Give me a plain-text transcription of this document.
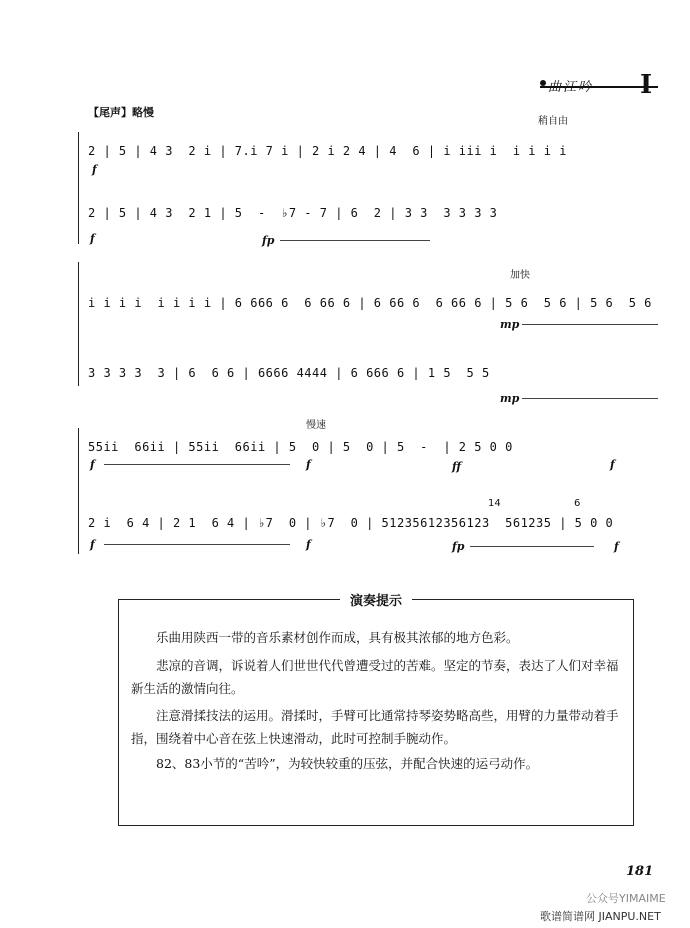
I
【尾声】略慢
稍自由
加快
慢速
2 | 5 | 4 3  2 i | 7.i 7 i | 2 i 2 4 | 4  6 | i iii i  i i i i
f
2 | 5 | 4 3  2 1 | 5  -  ♭7 - 7 | 6  2 | 3 3  3 3 3 3
f	fp
i i i i  i i i i | 6 666 6  6 66 6 | 6 66 6  6 66 6 | 5 6  5 6 | 5 6  5 6
mp
3 3 3 3  3 | 6  6 6 | 6666 4444 | 6 666 6 | 1 5  5 5
mp
55ii  66ii | 55ii  66ii | 5  0 | 5  0 | 5  -  | 2 5 0 0
f	f	ff	f
14	6
2 i  6 4 | 2 1  6 4 | ♭7  0 | ♭7  0 | 51235612356123  561235 | 5 0 0
f	f	fp	f
演奏提示
乐曲用陕西一带的音乐素材创作而成，具有极其浓郁的地方色彩。
悲凉的音调，诉说着人们世世代代曾遭受过的苦难。坚定的节奏，表达了人们对幸福新生活的激情向往。
注意滑揉技法的运用。滑揉时，手臂可比通常持琴姿势略高些，用臂的力量带动着手指，围绕着中心音在弦上快速滑动，此时可控制手腕动作。
82、83小节的“苦吟”，为较快较重的压弦，并配合快速的运弓动作。
181
公众号YIMAIME
歌谱简谱网 JIANPU.NET
